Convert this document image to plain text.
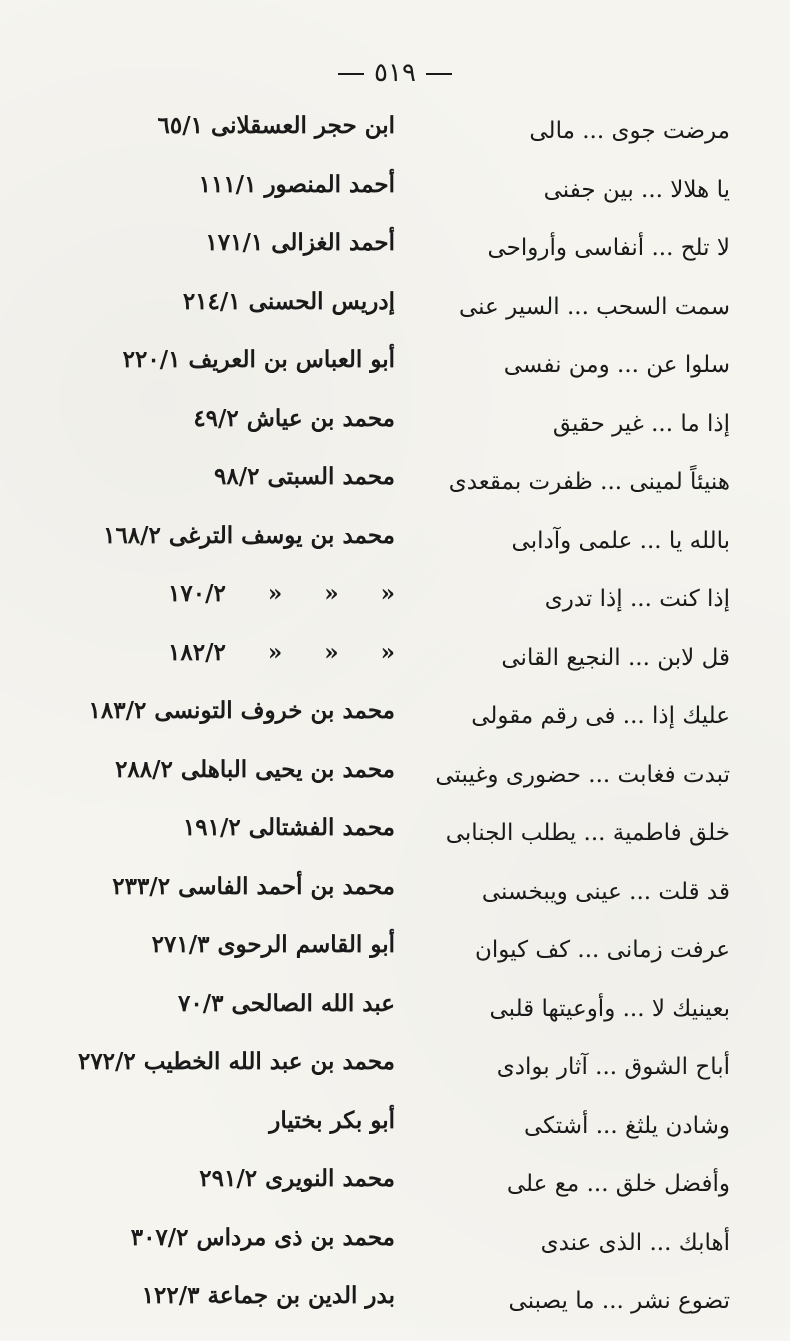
٥١٩
مرضت جوى ... مالى
ابن حجر العسقلانى ٦٥/١
يا هلالا ... بين جفنى
أحمد المنصور ١١١/١
لا تلح ... أنفاسى وأرواحى
أحمد الغزالى ١٧١/١
سمت السحب ... السير عنى
إدريس الحسنى ٢١٤/١
سلوا عن ... ومن نفسى
أبو العباس بن العريف ٢٢٠/١
إذا ما ... غير حقيق
محمد بن عياش ٤٩/٢
هنيئاً لمينى ... ظفرت بمقعدى
محمد السبتى ٩٨/٢
بالله يا ... علمى وآدابى
محمد بن يوسف الترغى ١٦٨/٢
إذا كنت ... إذا تدرى
« « « ١٧٠/٢
قل لابن ... النجيع القانى
« « « ١٨٢/٢
عليك إذا ... فى رقم مقولى
محمد بن خروف التونسى ١٨٣/٢
تبدت فغابت ... حضورى وغيبتى
محمد بن يحيى الباهلى ٢٨٨/٢
خلق فاطمية ... يطلب الجنابى
محمد الفشتالى ١٩١/٢
قد قلت ... عينى ويبخسنى
محمد بن أحمد الفاسى ٢٣٣/٢
عرفت زمانى ... كف كيوان
أبو القاسم الرحوى ٢٧١/٣
بعينيك لا ... وأوعيتها قلبى
عبد الله الصالحى ٧٠/٣
أباح الشوق ... آثار بوادى
محمد بن عبد الله الخطيب ٢٧٢/٢
وشادن يلثغ ... أشتكى
أبو بكر بختيار
وأفضل خلق ... مع على
محمد النويرى ٢٩١/٢
أهابك ... الذى عندى
محمد بن ذى مرداس ٣٠٧/٢
تضوع نشر ... ما يصبنى
بدر الدين بن جماعة ١٢٢/٣
